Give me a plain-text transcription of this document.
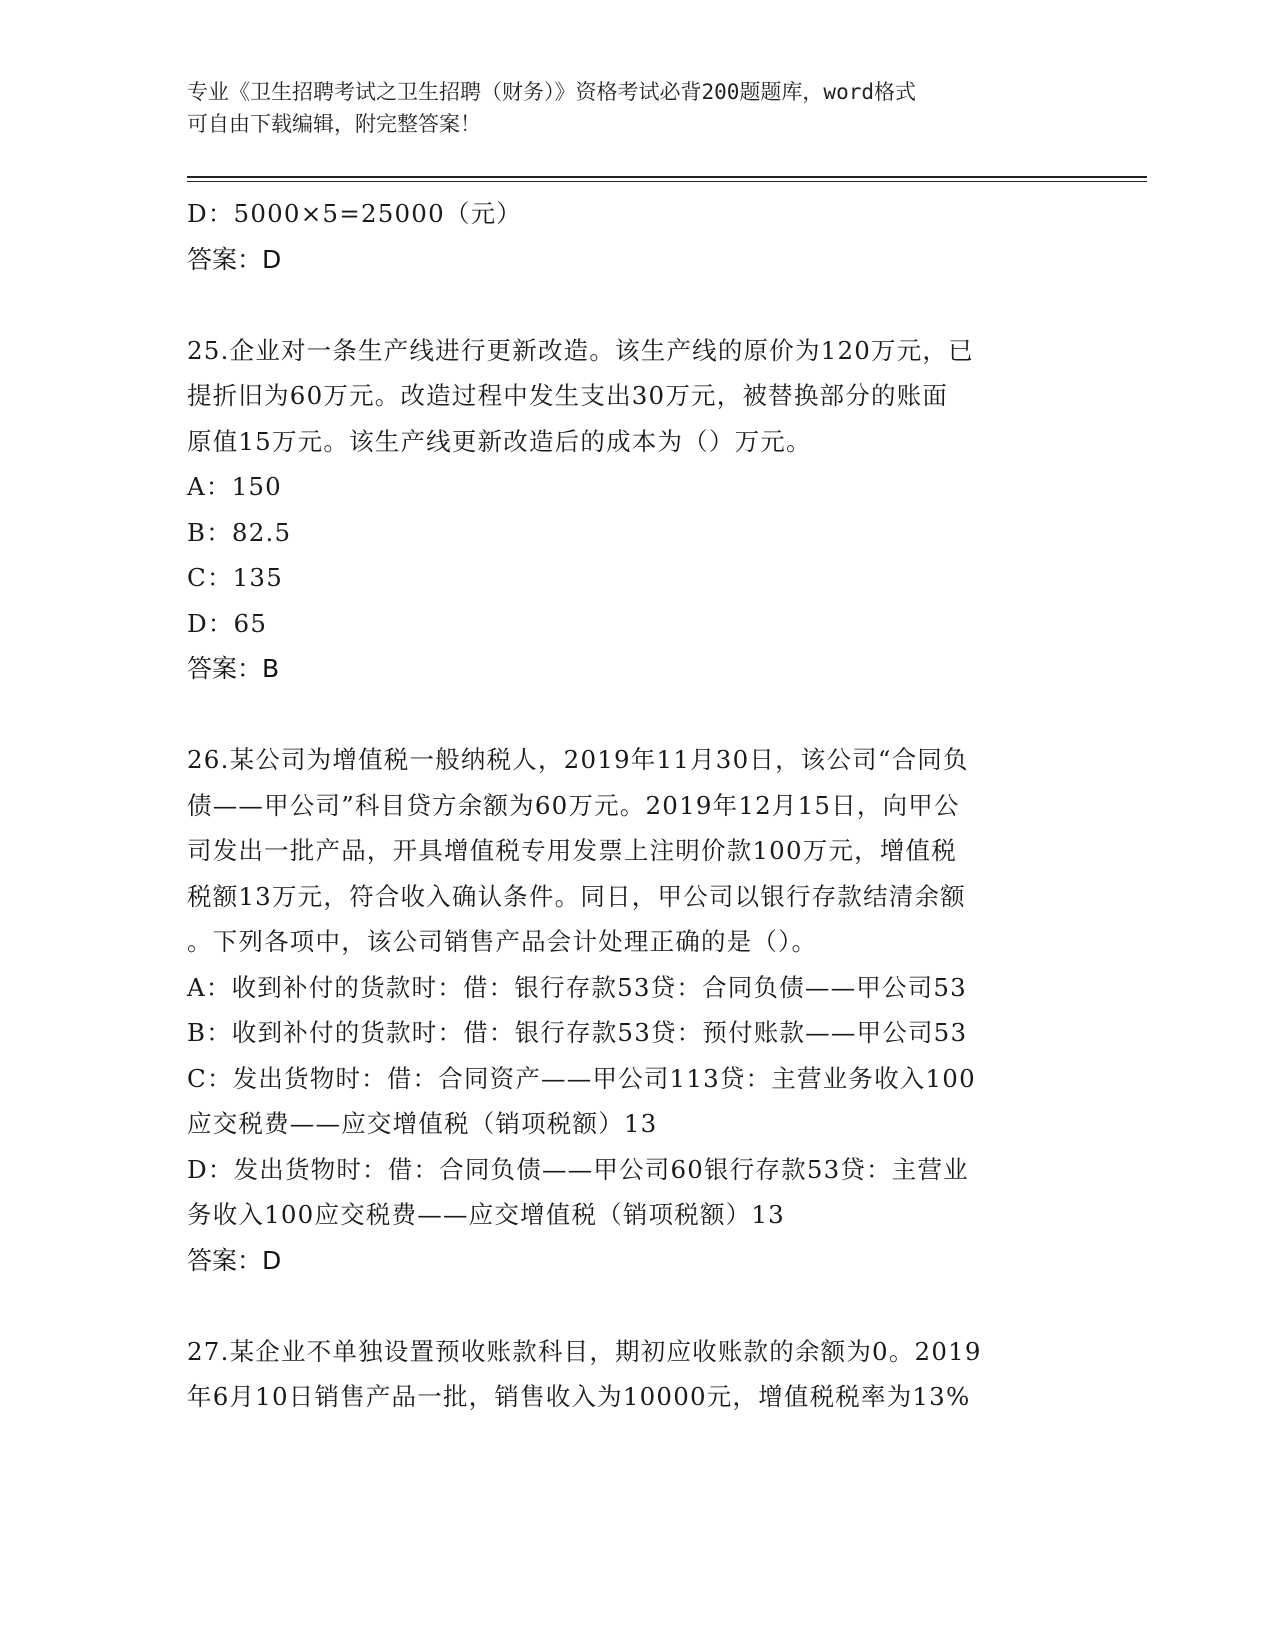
专业《卫生招聘考试之卫生招聘（财务）》资格考试必背200题题库，word格式
可自由下载编辑，附完整答案！
D：5000×5=25000（元）
答案：D
25.企业对一条生产线进行更新改造。该生产线的原价为120万元，已
提折旧为60万元。改造过程中发生支出30万元，被替换部分的账面
原值15万元。该生产线更新改造后的成本为（）万元。
A：150
B：82.5
C：135
D：65
答案：B
26.某公司为增值税一般纳税人，2019年11月30日，该公司“合同负
债——甲公司”科目贷方余额为60万元。2019年12月15日，向甲公
司发出一批产品，开具增值税专用发票上注明价款100万元，增值税
税额13万元，符合收入确认条件。同日，甲公司以银行存款结清余额
。下列各项中，该公司销售产品会计处理正确的是（）。
A：收到补付的货款时：借：银行存款53贷：合同负债——甲公司53
B：收到补付的货款时：借：银行存款53贷：预付账款——甲公司53
C：发出货物时：借：合同资产——甲公司113贷：主营业务收入100
应交税费——应交增值税（销项税额）13
D：发出货物时：借：合同负债——甲公司60银行存款53贷：主营业
务收入100应交税费——应交增值税（销项税额）13
答案：D
27.某企业不单独设置预收账款科目，期初应收账款的余额为0。2019
年6月10日销售产品一批，销售收入为10000元，增值税税率为13%
